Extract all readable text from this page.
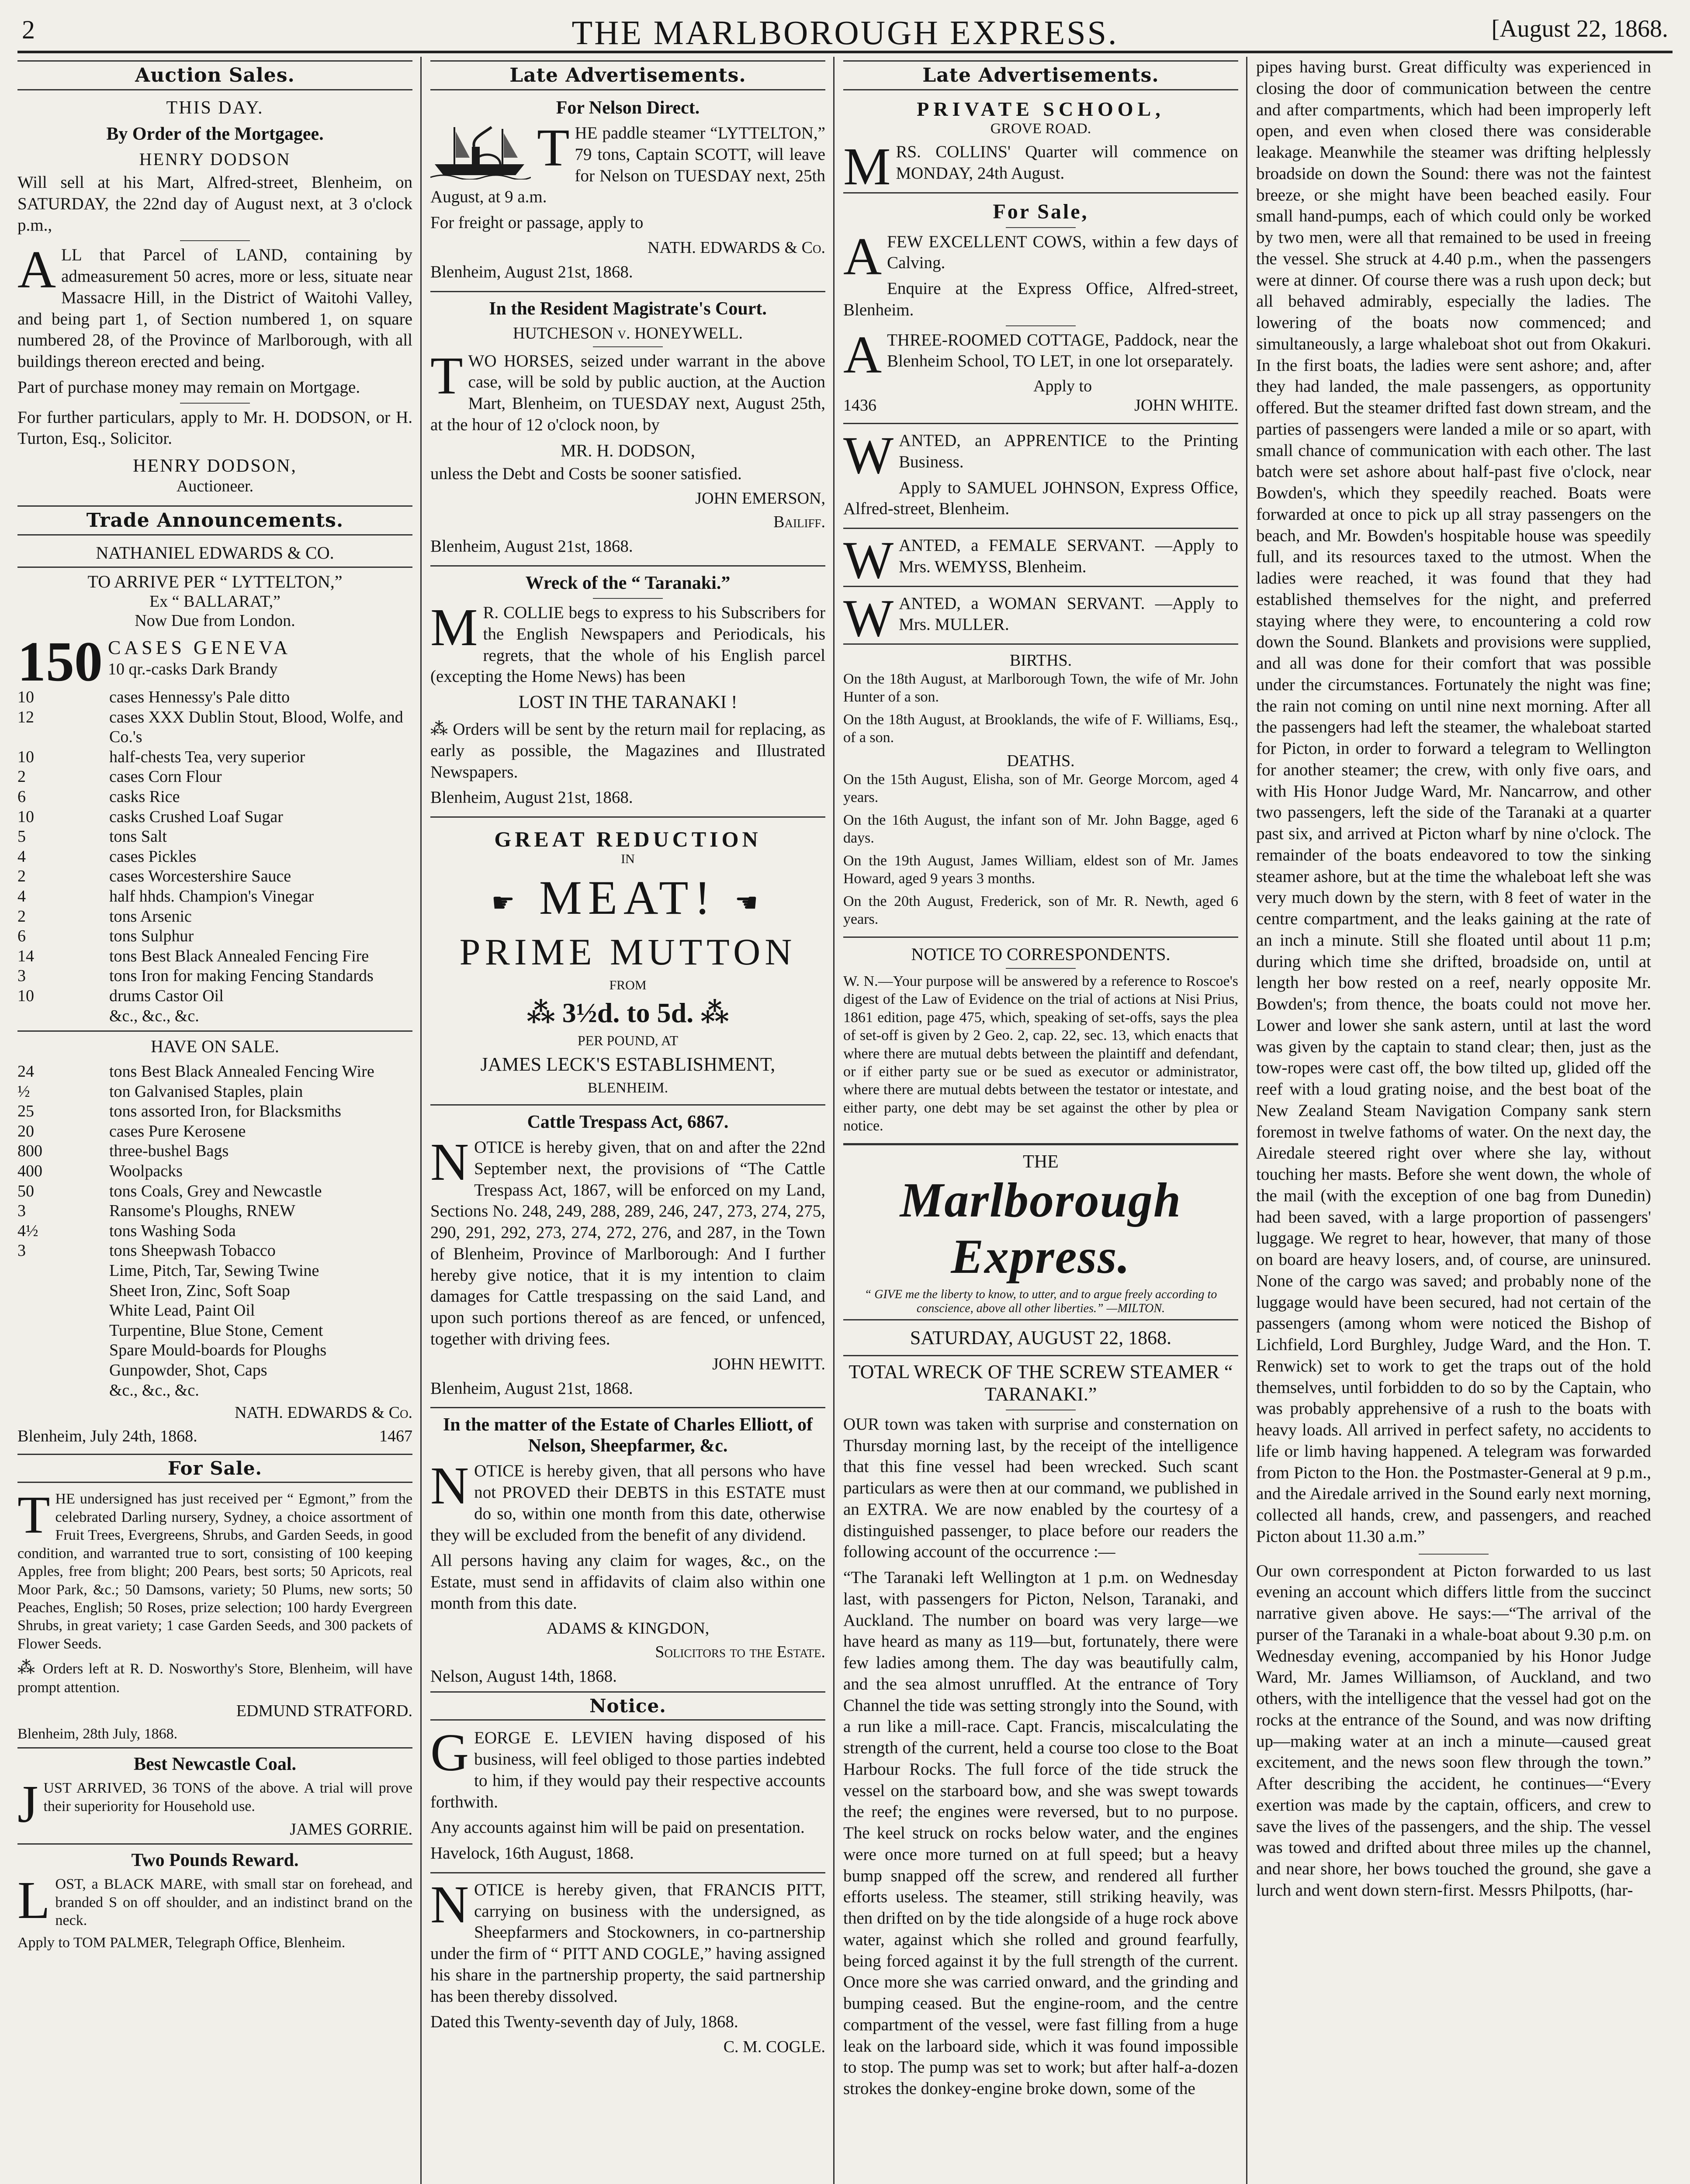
2	THE MARLBOROUGH EXPRESS.	[August 22, 1868.
Auction Sales.
THIS DAY.
By Order of the Mortgagee.
HENRY DODSON

Will sell at his Mart, Alfred-street, Blenheim, on SATURDAY, the 22nd day of August next, at 3 o'clock p.m.,

ALL that Parcel of LAND, containing by admeasurement 50 acres, more or less, situate near Massacre Hill, in the District of Waitohi Valley, and being part 1, of Section numbered 1, on square numbered 28, of the Province of Marlborough, with all buildings thereon erected and being.

Part of purchase money may remain on Mortgage.

For further particulars, apply to Mr. H. DODSON, or H. Turton, Esq., Solicitor.

HENRY DODSON,
Auctioneer.
Trade Announcements.
NATHANIEL EDWARDS & CO.
TO ARRIVE PER “ LYTTELTON,”
Ex “ BALLARAT,”
Now Due from London.
150 CASES GENEVA
10 qr.-casks Dark Brandy
10	cases Hennessy's Pale ditto
12	cases XXX Dublin Stout, Blood, Wolfe, and Co.'s
10	half-chests Tea, very superior
2	cases Corn Flour
6	casks Rice
10	casks Crushed Loaf Sugar
5	tons Salt
4	cases Pickles
2	cases Worcestershire Sauce
4	half hhds. Champion's Vinegar
2	tons Arsenic
6	tons Sulphur
14	tons Best Black Annealed Fencing Fire
3	tons Iron for making Fencing Standards
10	drums Castor Oil
&c., &c., &c.
HAVE ON SALE.
24	tons Best Black Annealed Fencing Wire
½	ton Galvanised Staples, plain
25	tons assorted Iron, for Blacksmiths
20	cases Pure Kerosene
800	three-bushel Bags
400	Woolpacks
50	tons Coals, Grey and Newcastle
3	Ransome's Ploughs, RNEW
4½	tons Washing Soda
3	tons Sheepwash Tobacco
Lime, Pitch, Tar, Sewing Twine
Sheet Iron, Zinc, Soft Soap
White Lead, Paint Oil
Turpentine, Blue Stone, Cement
Spare Mould-boards for Ploughs
Gunpowder, Shot, Caps
&c., &c., &c.
NATH. EDWARDS & Co.
Blenheim, July 24th, 1868.	1467
For Sale.

THE undersigned has just received per “ Egmont,” from the celebrated Darling nursery, Sydney, a choice assortment of Fruit Trees, Evergreens, Shrubs, and Garden Seeds, in good condition, and warranted true to sort, consisting of 100 keeping Apples, free from blight; 200 Pears, best sorts; 50 Apricots, real Moor Park, &c.; 50 Damsons, variety; 50 Plums, new sorts; 50 Peaches, English; 50 Roses, prize selection; 100 hardy Evergreen Shrubs, in great variety; 1 case Garden Seeds, and 300 packets of Flower Seeds.

⁂ Orders left at R. D. Nosworthy's Store, Blenheim, will have prompt attention.

EDMUND STRATFORD.

Blenheim, 28th July, 1868.

Best Newcastle Coal.

JUST ARRIVED, 36 TONS of the above. A trial will prove their superiority for Household use.

JAMES GORRIE.
Two Pounds Reward.

LOST, a BLACK MARE, with small star on forehead, and branded S on off shoulder, and an indistinct brand on the neck.

Apply to TOM PALMER, Telegraph Office, Blenheim.

Late Advertisements.
For Nelson Direct.

THE paddle steamer “LYTTELTON,” 79 tons, Captain SCOTT, will leave for Nelson on TUESDAY next, 25th August, at 9 a.m.

For freight or passage, apply to

NATH. EDWARDS & Co.

Blenheim, August 21st, 1868.

In the Resident Magistrate's Court.
HUTCHESON v. HONEYWELL.

TWO HORSES, seized under warrant in the above case, will be sold by public auction, at the Auction Mart, Blenheim, on TUESDAY next, August 25th, at the hour of 12 o'clock noon, by

MR. H. DODSON,

unless the Debt and Costs be sooner satisfied.

JOHN EMERSON,
Bailiff.

Blenheim, August 21st, 1868.

Wreck of the “ Taranaki.”

M R. COLLIE begs to express to his Subscribers for the English Newspapers and Periodicals, his regrets, that the whole of his English parcel (excepting the Home News) has been

LOST IN THE TARANAKI !

⁂ Orders will be sent by the return mail for replacing, as early as possible, the Magazines and Illustrated Newspapers.

Blenheim, August 21st, 1868.

GREAT REDUCTION
IN
☛ MEAT! ☚
PRIME MUTTON
FROM
⁂ 3½d. to 5d. ⁂
PER POUND, AT
JAMES LECK'S ESTABLISHMENT,
BLENHEIM.
Cattle Trespass Act, 6867.

NOTICE is hereby given, that on and after the 22nd September next, the provisions of “The Cattle Trespass Act, 1867, will be enforced on my Land, Sections No. 248, 249, 288, 289, 246, 247, 273, 274, 275, 290, 291, 292, 273, 274, 272, 276, and 287, in the Town of Blenheim, Province of Marlborough: And I further hereby give notice, that it is my intention to claim damages for Cattle trespassing on the said Land, and upon such portions thereof as are fenced, or unfenced, together with driving fees.

JOHN HEWITT.

Blenheim, August 21st, 1868.

In the matter of the Estate of Charles Elliott, of Nelson, Sheepfarmer, &c.

NOTICE is hereby given, that all persons who have not PROVED their DEBTS in this ESTATE must do so, within one month from this date, otherwise they will be excluded from the benefit of any dividend.

All persons having any claim for wages, &c., on the Estate, must send in affidavits of claim also within one month from this date.

ADAMS & KINGDON,
Solicitors to the Estate.

Nelson, August 14th, 1868.

Notice.

GEORGE E. LEVIEN having disposed of his business, will feel obliged to those parties indebted to him, if they would pay their respective accounts forthwith.

Any accounts against him will be paid on presentation.

Havelock, 16th August, 1868.

NOTICE is hereby given, that FRANCIS PITT, carrying on business with the undersigned, as Sheepfarmers and Stockowners, in co-partnership under the firm of “ PITT AND COGLE,” having assigned his share in the partnership property, the said partnership has been thereby dissolved.

Dated this Twenty-seventh day of July, 1868.

C. M. COGLE.
Late Advertisements.
PRIVATE SCHOOL,
GROVE ROAD.

MRS. COLLINS' Quarter will commence on MONDAY, 24th August.

For Sale,

AFEW EXCELLENT COWS, within a few days of Calving.

Enquire at the Express Office, Alfred-street, Blenheim.

ATHREE-ROOMED COTTAGE, Paddock, near the Blenheim School, TO LET, in one lot orseparately.

Apply to
1436	JOHN WHITE.

WANTED, an APPRENTICE to the Printing Business.

Apply to SAMUEL JOHNSON, Express Office, Alfred-street, Blenheim.

WANTED, a FEMALE SERVANT. —Apply to Mrs. WEMYSS, Blenheim.

WANTED, a WOMAN SERVANT. —Apply to Mrs. MULLER.

BIRTHS.

On the 18th August, at Marlborough Town, the wife of Mr. John Hunter of a son.

On the 18th August, at Brooklands, the wife of F. Williams, Esq., of a son.

DEATHS.

On the 15th August, Elisha, son of Mr. George Morcom, aged 4 years.

On the 16th August, the infant son of Mr. John Bagge, aged 6 days.

On the 19th August, James William, eldest son of Mr. James Howard, aged 9 years 3 months.

On the 20th August, Frederick, son of Mr. R. Newth, aged 6 years.

NOTICE TO CORRESPONDENTS.

W. N.—Your purpose will be answered by a reference to Roscoe's digest of the Law of Evidence on the trial of actions at Nisi Prius, 1861 edition, page 475, which, speaking of set-offs, says the plea of set-off is given by 2 Geo. 2, cap. 22, sec. 13, which enacts that where there are mutual debts between the plaintiff and defendant, or if either party sue or be sued as executor or administrator, where there are mutual debts between the testator or intestate, and either party, one debt may be set against the other by plea or notice.

THE
Marlborough Express.
“ GIVE me the liberty to know, to utter, and to argue freely according to conscience, above all other liberties.” —MILTON.
SATURDAY, AUGUST 22, 1868.
TOTAL WRECK OF THE SCREW STEAMER “ TARANAKI.”

OUR town was taken with surprise and consternation on Thursday morning last, by the receipt of the intelligence that this fine vessel had been wrecked. Such scant particulars as were then at our command, we published in an EXTRA. We are now enabled by the courtesy of a distinguished passenger, to place before our readers the following account of the occurrence :—

“The Taranaki left Wellington at 1 p.m. on Wednesday last, with passengers for Picton, Nelson, Taranaki, and Auckland. The number on board was very large—we have heard as many as 119—but, fortunately, there were few ladies among them. The day was beautifully calm, and the sea almost unruffled. At the entrance of Tory Channel the tide was setting strongly into the Sound, with a run like a mill-race. Capt. Francis, miscalculating the strength of the current, held a course too close to the Boat Harbour Rocks. The full force of the tide struck the vessel on the starboard bow, and she was swept towards the reef; the engines were reversed, but to no purpose. The keel struck on rocks below water, and the engines were once more turned on at full speed; but a heavy bump snapped off the screw, and rendered all further efforts useless. The steamer, still striking heavily, was then drifted on by the tide alongside of a huge rock above water, against which she rolled and ground fearfully, being forced against it by the full strength of the current. Once more she was carried onward, and the grinding and bumping ceased. But the engine-room, and the centre compartment of the vessel, were fast filling from a huge leak on the larboard side, which it was found impossible to stop. The pump was set to work; but after half-a-dozen strokes the donkey-engine broke down, some of the

pipes having burst. Great difficulty was experienced in closing the door of communication between the centre and after compartments, which had been improperly left open, and even when closed there was considerable leakage. Meanwhile the steamer was drifting helplessly broadside on down the Sound: there was not the faintest breeze, or she might have been beached easily. Four small hand-pumps, each of which could only be worked by two men, were all that remained to be used in freeing the vessel. She struck at 4.40 p.m., when the passengers were at dinner. Of course there was a rush upon deck; but all behaved admirably, especially the ladies. The lowering of the boats now commenced; and simultaneously, a large whaleboat shot out from Okakuri. In the first boats, the ladies were sent ashore; and, after they had landed, the male passengers, as opportunity offered. But the steamer drifted fast down stream, and the parties of passengers were landed a mile or so apart, with small chance of communication with each other. The last batch were set ashore about half-past five o'clock, near Bowden's, which they speedily reached. Boats were forwarded at once to pick up all stray passengers on the beach, and Mr. Bowden's hospitable house was speedily full, and its resources taxed to the utmost. When the ladies were reached, it was found that they had established themselves for the night, and preferred staying where they were, to encountering a cold row down the Sound. Blankets and provisions were supplied, and all was done for their comfort that was possible under the circumstances. Fortunately the night was fine; the rain not coming on until nine next morning. After all the passengers had left the steamer, the whaleboat started for Picton, in order to forward a telegram to Wellington for another steamer; the crew, with only five oars, and with His Honor Judge Ward, Mr. Nancarrow, and other two passengers, left the side of the Taranaki at a quarter past six, and arrived at Picton wharf by nine o'clock. The remainder of the boats endeavored to tow the sinking steamer ashore, but at the time the whaleboat left she was very much down by the stern, with 8 feet of water in the centre compartment, and the leaks gaining at the rate of an inch a minute. Still she floated until about 11 p.m; during which time she drifted, broadside on, until at length her bow rested on a reef, nearly opposite Mr. Bowden's; from thence, the boats could not move her. Lower and lower she sank astern, until at last the word was given by the captain to stand clear; then, just as the tow-ropes were cast off, the bow tilted up, glided off the reef with a loud grating noise, and the best boat of the New Zealand Steam Navigation Company sank stern foremost in twelve fathoms of water. On the next day, the Airedale steered right over where she lay, without touching her masts. Before she went down, the whole of the mail (with the exception of one bag from Dunedin) had been saved, with a large proportion of passengers' luggage. We regret to hear, however, that many of those on board are heavy losers, and, of course, are uninsured. None of the cargo was saved; and probably none of the luggage would have been secured, had not certain of the passengers (among whom were noticed the Bishop of Lichfield, Lord Burghley, Judge Ward, and the Hon. T. Renwick) set to work to get the traps out of the hold themselves, until forbidden to do so by the Captain, who was probably apprehensive of a rush to the boats with heavy loads. All arrived in perfect safety, no accidents to life or limb having happened. A telegram was forwarded from Picton to the Hon. the Postmaster-General at 9 p.m., and the Airedale arrived in the Sound early next morning, collected all hands, crew, and passengers, and reached Picton about 11.30 a.m.”

Our own correspondent at Picton forwarded to us last evening an account which differs little from the succinct narrative given above. He says:—“The arrival of the purser of the Taranaki in a whale-boat about 9.30 p.m. on Wednesday evening, accompanied by his Honor Judge Ward, Mr. James Williamson, of Auckland, and two others, with the intelligence that the vessel had got on the rocks at the entrance of the Sound, and was now drifting up—making water at an inch a minute—caused great excitement, and the news soon flew through the town.” After describing the accident, he continues—“Every exertion was made by the captain, officers, and crew to save the lives of the passengers, and the ship. The vessel was towed and drifted about three miles up the channel, and near shore, her bows touched the ground, she gave a lurch and went down stern-first. Messrs Philpotts, (har-
